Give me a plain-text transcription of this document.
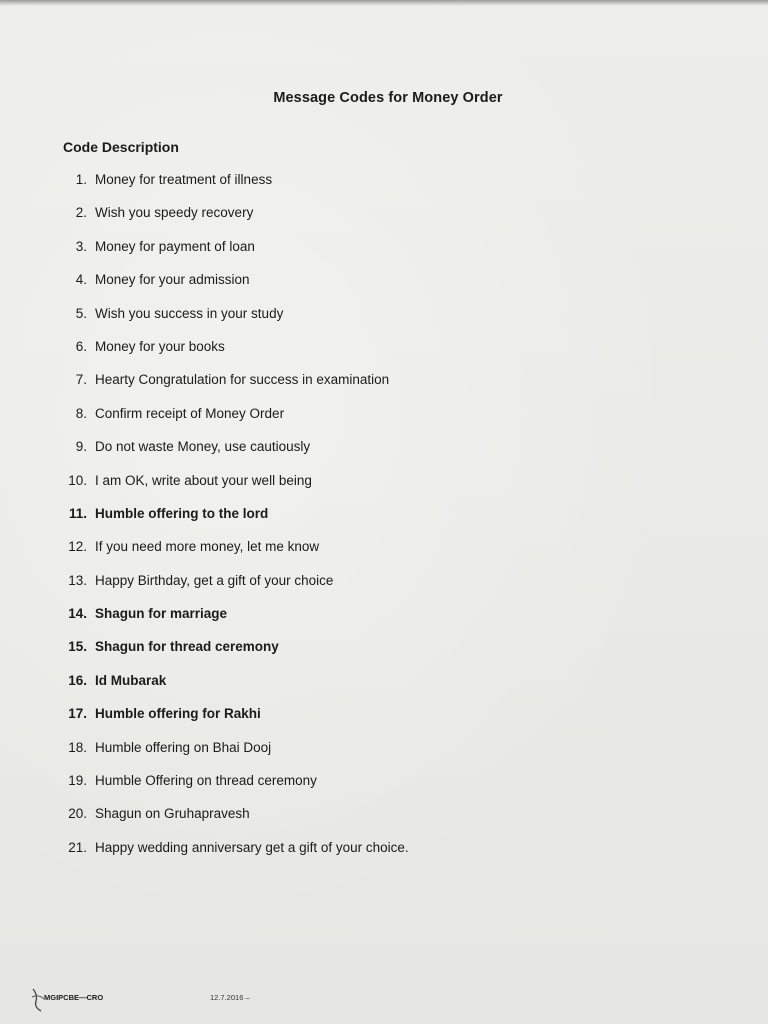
Message Codes for Money Order
Code Description
1. Money for treatment of illness
2. Wish you speedy recovery
3. Money for payment of loan
4. Money for your admission
5. Wish you success in your study
6. Money for your books
7. Hearty Congratulation for success in examination
8. Confirm receipt of Money Order
9. Do not waste Money, use cautiously
10. I am OK, write about your well being
11. Humble offering to the lord
12. If you need more money, let me know
13. Happy Birthday, get a gift of your choice
14. Shagun for marriage
15. Shagun for thread ceremony
16. Id Mubarak
17. Humble offering for Rakhi
18. Humble offering on Bhai Dooj
19. Humble Offering on thread ceremony
20. Shagun on Gruhapravesh
21. Happy wedding anniversary get a gift of your choice.
MGIPCBE—CRO	12.7.2016 –
